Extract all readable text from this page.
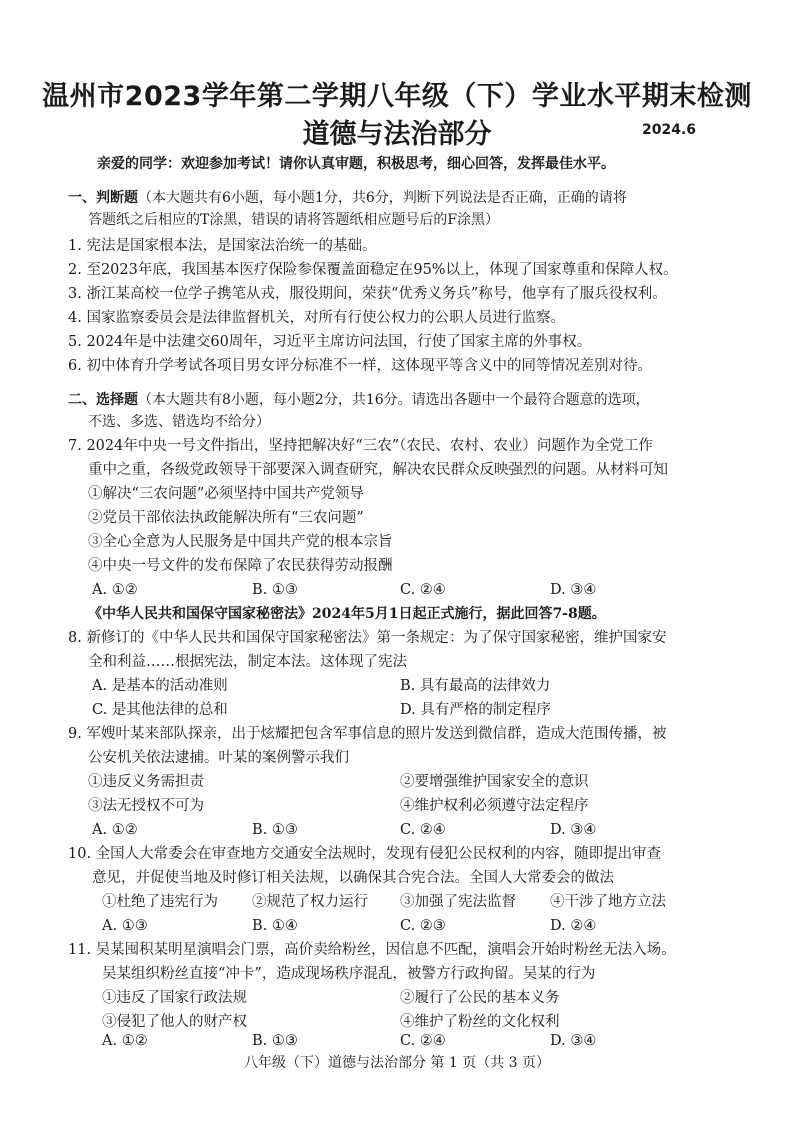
温州市2023学年第二学期八年级（下）学业水平期末检测
道德与法治部分	2024.6
亲爱的同学：欢迎参加考试！请你认真审题，积极思考，细心回答，发挥最佳水平。
一、判断题（本大题共有6小题，每小题1分，共6分，判断下列说法是否正确，正确的请将
答题纸之后相应的T涂黑，错误的请将答题纸相应题号后的F涂黑）
1. 宪法是国家根本法，是国家法治统一的基础。
2. 至2023年底，我国基本医疗保险参保覆盖面稳定在95%以上，体现了国家尊重和保障人权。
3. 浙江某高校一位学子携笔从戎，服役期间，荣获“优秀义务兵”称号，他享有了服兵役权利。
4. 国家监察委员会是法律监督机关，对所有行使公权力的公职人员进行监察。
5. 2024年是中法建交60周年，习近平主席访问法国，行使了国家主席的外事权。
6. 初中体育升学考试各项目男女评分标准不一样，这体现平等含义中的同等情况差别对待。
二、选择题（本大题共有8小题，每小题2分，共16分。请选出各题中一个最符合题意的选项，
不选、多选、错选均不给分）
7. 2024年中央一号文件指出，坚持把解决好“三农”（农民、农村、农业）问题作为全党工作
重中之重，各级党政领导干部要深入调查研究，解决农民群众反映强烈的问题。从材料可知
①解决“三农问题”必须坚持中国共产党领导
②党员干部依法执政能解决所有“三农问题”
③全心全意为人民服务是中国共产党的根本宗旨
④中央一号文件的发布保障了农民获得劳动报酬
A. ①②	B. ①③	C. ②④	D. ③④
《中华人民共和国保守国家秘密法》2024年5月1日起正式施行，据此回答7-8题。
8. 新修订的《中华人民共和国保守国家秘密法》第一条规定：为了保守国家秘密，维护国家安
全和利益……根据宪法，制定本法。这体现了宪法
A. 是基本的活动准则	B. 具有最高的法律效力
C. 是其他法律的总和	D. 具有严格的制定程序
9. 军嫂叶某来部队探亲，出于炫耀把包含军事信息的照片发送到微信群，造成大范围传播，被
公安机关依法逮捕。叶某的案例警示我们
①违反义务需担责	②要增强维护国家安全的意识
③法无授权不可为	④维护权利必须遵守法定程序
A. ①②	B. ①③	C. ②④	D. ③④
10. 全国人大常委会在审查地方交通安全法规时，发现有侵犯公民权利的内容，随即提出审查
意见，并促使当地及时修订相关法规，以确保其合宪合法。全国人大常委会的做法
①杜绝了违宪行为 ②规范了权力运行 ③加强了宪法监督 ④干涉了地方立法
A. ①③	B. ①④	C. ②③	D. ②④
11. 吴某囤积某明星演唱会门票，高价卖给粉丝，因信息不匹配，演唱会开始时粉丝无法入场。
吴某组织粉丝直接“冲卡”，造成现场秩序混乱，被警方行政拘留。吴某的行为
①违反了国家行政法规	②履行了公民的基本义务
③侵犯了他人的财产权	④维护了粉丝的文化权利
A. ①②	B. ①③	C. ②④	D. ③④
八年级（下）道德与法治部分 第 1 页（共 3 页）
